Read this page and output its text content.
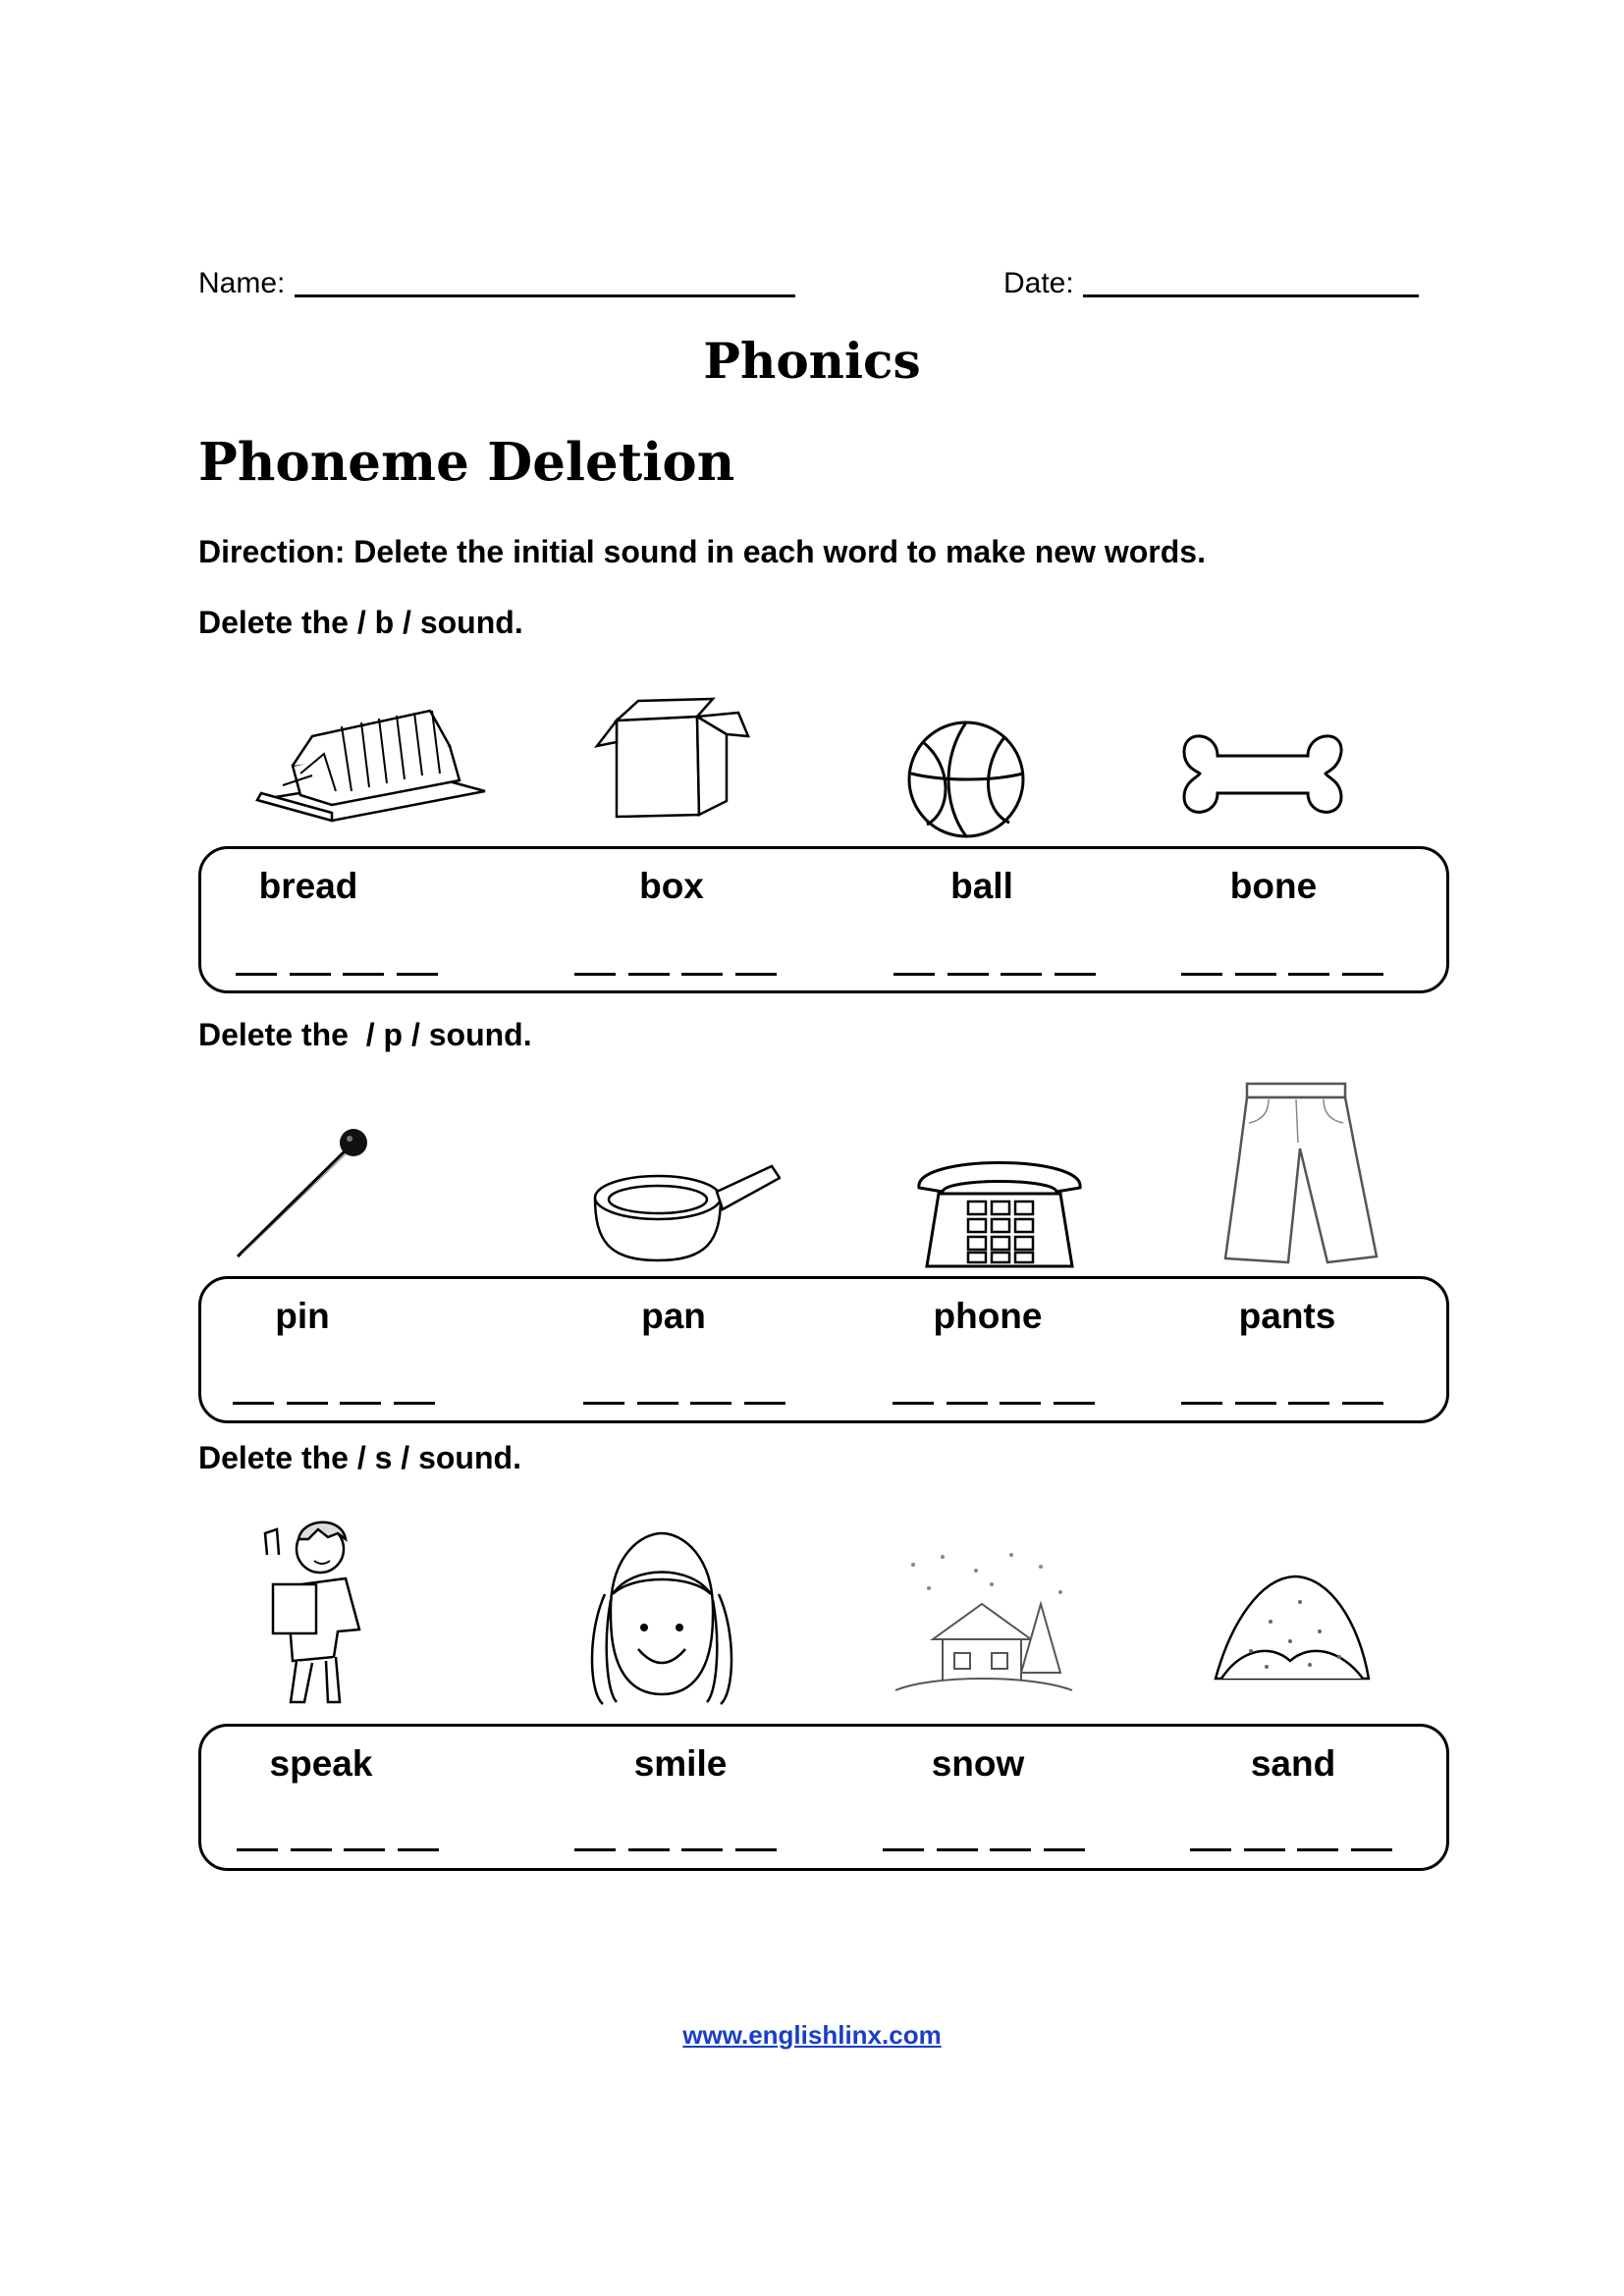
Name:	Date:
Phonics
Phoneme Deletion
Direction: Delete the initial sound in each word to make new words.
Delete the / b / sound.
bread	box	ball	bone
Delete the  / p / sound.
pin	pan	phone	pants
Delete the / s / sound.
speak	smile	snow	sand
www.englishlinx.com
